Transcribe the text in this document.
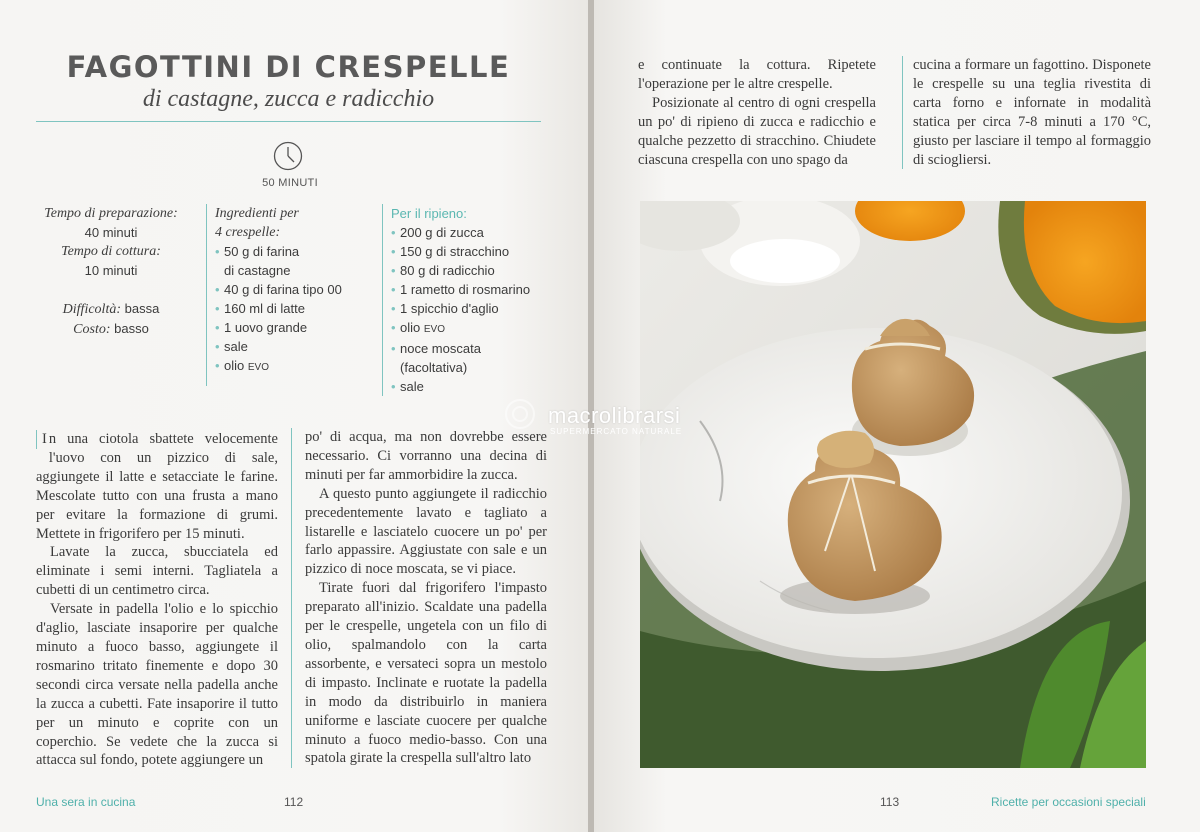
FAGOTTINI DI CRESPELLE
di castagne, zucca e radicchio
50 MINUTI
Tempo di preparazione:
40 minuti
Tempo di cottura:
10 minuti
Difficoltà: bassa
Costo: basso
Ingredienti per
4 crespelle:
• 50 g di farina
di castagne
• 40 g di farina tipo 00
• 160 ml di latte
• 1 uovo grande
• sale
• olio EVO
Per il ripieno:
• 200 g di zucca
• 150 g di stracchino
• 80 g di radicchio
• 1 rametto di rosmarino
• 1 spicchio d'aglio
• olio EVO
• noce moscata
(facoltativa)
• sale

I n una ciotola sbattete velocemente l'uovo con un pizzico di sale, aggiungete il latte e setacciate le farine. Mescolate tutto con una frusta a mano per evitare la formazione di grumi. Mettete in frigorifero per 15 minuti.

Lavate la zucca, sbucciatela ed eliminate i semi interni. Tagliatela a cubetti di un centimetro circa.

Versate in padella l'olio e lo spicchio d'aglio, lasciate insaporire per qualche minuto a fuoco basso, aggiungete il rosmarino tritato finemente e dopo 30 secondi circa versate nella padella anche la zucca a cubetti. Fate insaporire il tutto per un minuto e coprite con un coperchio. Se vedete che la zucca si attacca sul fondo, potete aggiungere un

po' di acqua, ma non dovrebbe essere necessario. Ci vorranno una decina di minuti per far ammorbidire la zucca.

A questo punto aggiungete il radicchio precedentemente lavato e tagliato a listarelle e lasciatelo cuocere un po' per farlo appassire. Aggiustate con sale e un pizzico di noce moscata, se vi piace.

Tirate fuori dal frigorifero l'impasto preparato all'inizio. Scaldate una padella per le crespelle, ungetela con un filo di olio, spalmandolo con la carta assorbente, e versateci sopra un mestolo di impasto. Inclinate e ruotate la padella in modo da distribuirlo in maniera uniforme e lasciate cuocere per qualche minuto a fuoco medio-basso. Con una spatola girate la crespella sull'altro lato

Una sera in cucina	112

e continuate la cottura. Ripetete l'operazione per le altre crespelle.

Posizionate al centro di ogni crespella un po' di ripieno di zucca e radicchio e qualche pezzetto di stracchino. Chiudete ciascuna crespella con uno spago da

cucina a formare un fagottino. Disponete le crespelle su una teglia rivestita di carta forno e infornate in modalità statica per circa 7-8 minuti a 170 °C, giusto per lasciare il tempo al formaggio di sciogliersi.

113	Ricette per occasioni speciali
macrolibrarsi
SUPERMERCATO NATURALE
